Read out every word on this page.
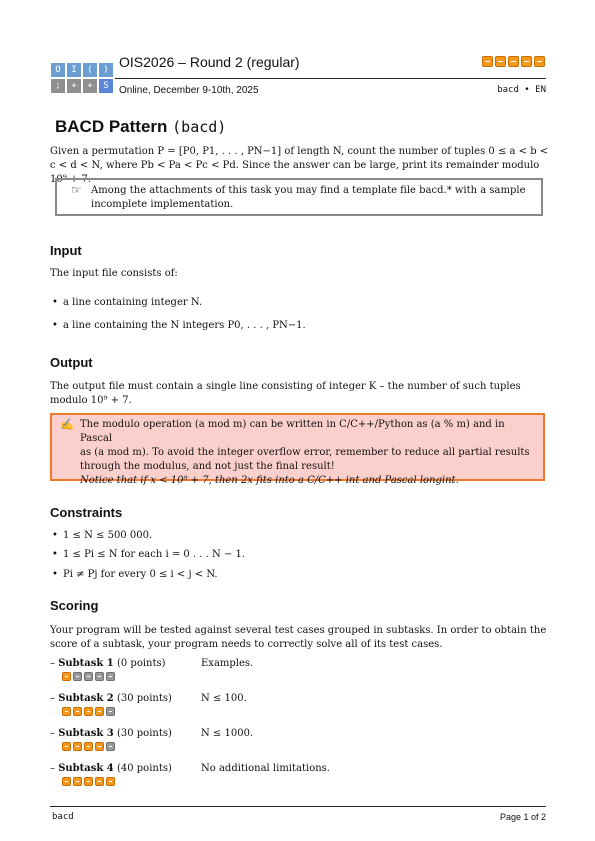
O	I	(	)
;	+	+	S
OIS2026 – Round 2 (regular)
Online, December 9-10th, 2025	bacd • EN
BACD Pattern (bacd)

Given a permutation P = [P0, P1, . . . , PN−1] of length N, count the number of tuples 0 ≤ a < b < c < d < N, where Pb < Pa < Pc < Pd. Since the answer can be large, print its remainder modulo 10⁹ + 7.

☞ Among the attachments of this task you may find a template file bacd.* with a sample incomplete implementation.
Input

The input file consists of:

• a line containing integer N.
• a line containing the N integers P0, . . . , PN−1.
Output

The output file must contain a single line consisting of integer K – the number of such tuples modulo 10⁹ + 7.

✍ The modulo operation (a mod m) can be written in C/C++/Python as (a % m) and in Pascal
as (a mod m). To avoid the integer overflow error, remember to reduce all partial results
through the modulus, and not just the final result!
Notice that if x < 10⁹ + 7, then 2x fits into a C/C++ int and Pascal longint.
Constraints
• 1 ≤ N ≤ 500 000.
• 1 ≤ Pi ≤ N for each i = 0 . . . N − 1.
• Pi ≠ Pj for every 0 ≤ i < j < N.
Scoring

Your program will be tested against several test cases grouped in subtasks. In order to obtain the score of a subtask, your program needs to correctly solve all of its test cases.

– Subtask 1 (0 points)	Examples.
– Subtask 2 (30 points)	N ≤ 100.
– Subtask 3 (30 points)	N ≤ 1000.
– Subtask 4 (40 points)	No additional limitations.
bacd	Page 1 of 2
